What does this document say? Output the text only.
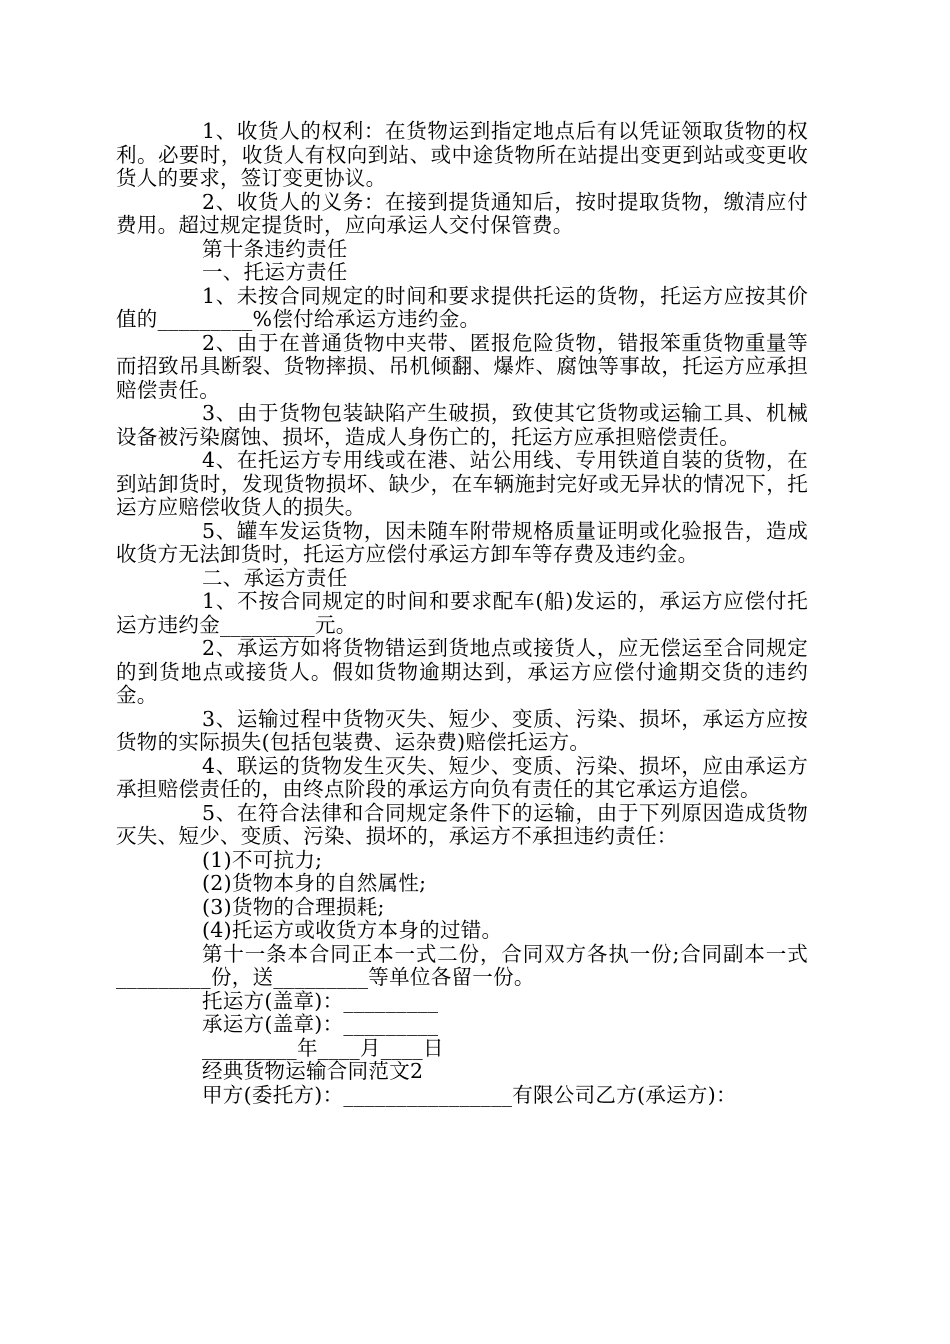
1、收货人的权利：在货物运到指定地点后有以凭证领取货物的权利。必要时，收货人有权向到站、或中途货物所在站提出变更到站或变更收货人的要求，签订变更协议。

2、收货人的义务：在接到提货通知后，按时提取货物，缴清应付费用。超过规定提货时，应向承运人交付保管费。

第十条违约责任

一、托运方责任

1、未按合同规定的时间和要求提供托运的货物，托运方应按其价值的_________%偿付给承运方违约金。

2、由于在普通货物中夹带、匿报危险货物，错报笨重货物重量等而招致吊具断裂、货物摔损、吊机倾翻、爆炸、腐蚀等事故，托运方应承担赔偿责任。

3、由于货物包装缺陷产生破损，致使其它货物或运输工具、机械设备被污染腐蚀、损坏，造成人身伤亡的，托运方应承担赔偿责任。

4、在托运方专用线或在港、站公用线、专用铁道自装的货物，在到站卸货时，发现货物损坏、缺少，在车辆施封完好或无异状的情况下，托运方应赔偿收货人的损失。

5、罐车发运货物，因未随车附带规格质量证明或化验报告，造成收货方无法卸货时，托运方应偿付承运方卸车等存费及违约金。

二、承运方责任

1、不按合同规定的时间和要求配车(船)发运的，承运方应偿付托运方违约金_________元。

2、承运方如将货物错运到货地点或接货人，应无偿运至合同规定的到货地点或接货人。假如货物逾期达到，承运方应偿付逾期交货的违约金。

3、运输过程中货物灭失、短少、变质、污染、损坏，承运方应按货物的实际损失(包括包装费、运杂费)赔偿托运方。

4、联运的货物发生灭失、短少、变质、污染、损坏，应由承运方承担赔偿责任的，由终点阶段的承运方向负有责任的其它承运方追偿。

5、在符合法律和合同规定条件下的运输，由于下列原因造成货物灭失、短少、变质、污染、损坏的，承运方不承担违约责任：

(1)不可抗力;

(2)货物本身的自然属性;

(3)货物的合理损耗;

(4)托运方或收货方本身的过错。

第十一条本合同正本一式二份，合同双方各执一份;合同副本一式_________份，送_________等单位各留一份。

托运方(盖章)：_________

承运方(盖章)：_________

_________年____月____日

经典货物运输合同范文2

甲方(委托方)：________________有限公司乙方(承运方)：
